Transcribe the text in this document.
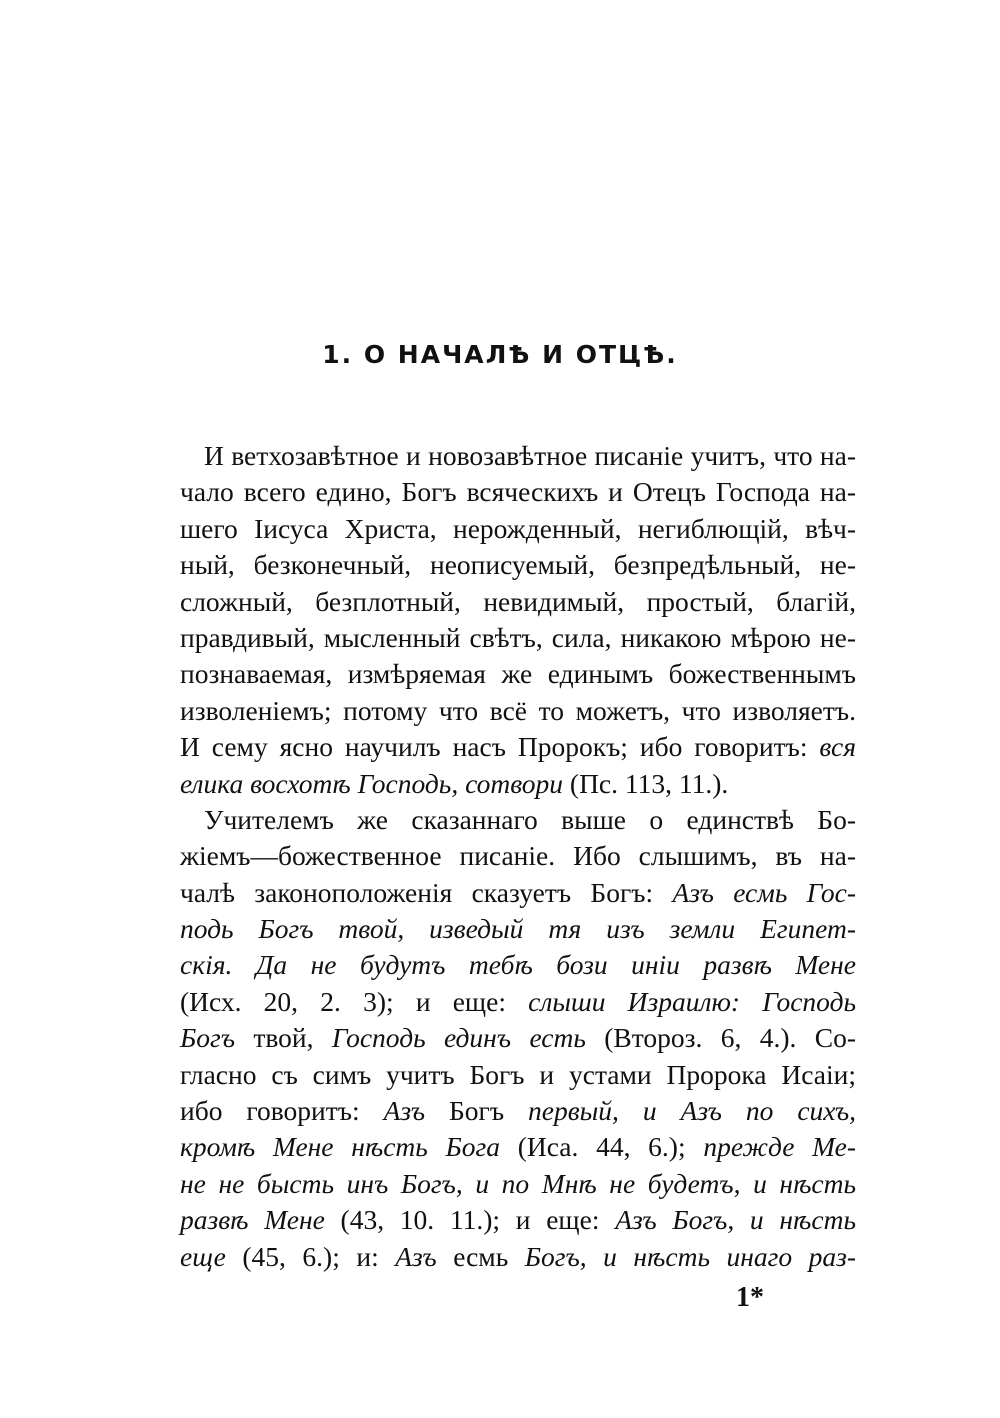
1. О НАЧАЛѢ И ОТЦѢ.
И ветхозавѣтное и новозавѣтное писаніе учитъ, что на-
чало всего едино, Богъ всяческихъ и Отецъ Господа на-
шего Іисуса Христа, нерожденный, негиблющій, вѣч-
ный, безконечный, неописуемый, безпредѣльный, не-
сложный, безплотный, невидимый, простый, благій,
правдивый, мысленный свѣтъ, сила, никакою мѣрою не-
познаваемая, измѣряемая же единымъ божественнымъ
изволеніемъ; потому что всё то можетъ, что изволяетъ.
И сему ясно научилъ насъ Пророкъ; ибо говоритъ: вся
елика восхотѣ Господь, сотвори (Пс. 113, 11.).
Учителемъ же сказаннаго выше о единствѣ Бо-
жіемъ—божественное писаніе. Ибо слышимъ, въ на-
чалѣ законоположенія сказуетъ Богъ: Азъ есмь Гос-
подь Богъ твой, изведый тя изъ земли Египет-
скія. Да не будутъ тебѣ бози иніи развѣ Мене
(Исх. 20, 2. 3); и еще: слыши Израилю: Господь
Богъ твой, Господь единъ есть (Второз. 6, 4.). Со-
гласно съ симъ учитъ Богъ и устами Пророка Исаіи;
ибо говоритъ: Азъ Богъ первый, и Азъ по сихъ,
кромѣ Мене нѣсть Бога (Иса. 44, 6.); прежде Ме-
не не бысть инъ Богъ, и по Мнѣ не будетъ, и нѣсть
развѣ Мене (43, 10. 11.); и еще: Азъ Богъ, и нѣсть
еще (45, 6.); и: Азъ есмь Богъ, и нѣсть инаго раз-
1*
